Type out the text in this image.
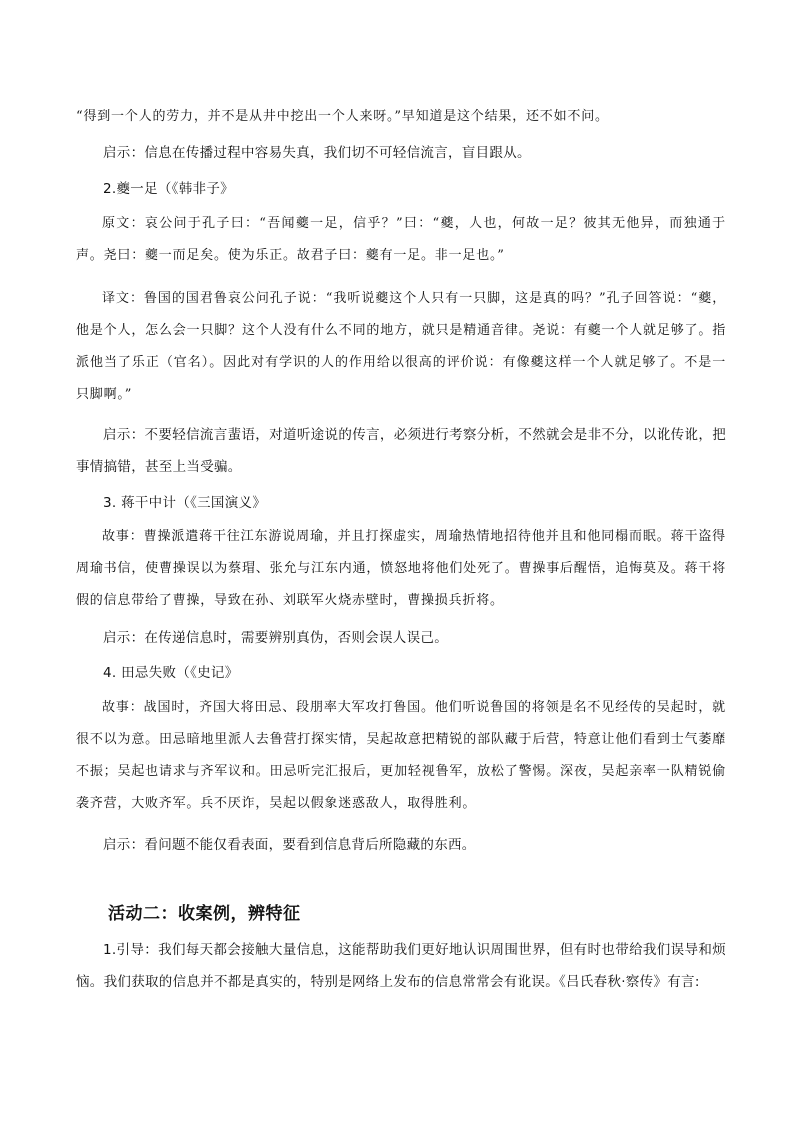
“得到一个人的劳力，并不是从井中挖出一个人来呀。”早知道是这个结果，还不如不问。

启示：信息在传播过程中容易失真，我们切不可轻信流言，盲目跟从。

2.夔一足（《韩非子》

原文：哀公问于孔子曰：“吾闻夔一足，信乎？”曰：“夔，人也，何故一足？彼其无他异，而独通于声。尧曰：夔一而足矣。使为乐正。故君子曰：夔有一足。非一足也。”

译文：鲁国的国君鲁哀公问孔子说：“我听说夔这个人只有一只脚，这是真的吗？”孔子回答说：“夔，他是个人，怎么会一只脚？这个人没有什么不同的地方，就只是精通音律。尧说：有夔一个人就足够了。指派他当了乐正（官名）。因此对有学识的人的作用给以很高的评价说：有像夔这样一个人就足够了。不是一只脚啊。”

启示：不要轻信流言蜚语，对道听途说的传言，必须进行考察分析，不然就会是非不分，以讹传讹，把事情搞错，甚至上当受骗。

3. 蒋干中计（《三国演义》

故事：曹操派遣蒋干往江东游说周瑜，并且打探虚实，周瑜热情地招待他并且和他同榻而眠。蒋干盗得周瑜书信，使曹操误以为蔡瑁、张允与江东内通，愤怒地将他们处死了。曹操事后醒悟，追悔莫及。蒋干将假的信息带给了曹操，导致在孙、刘联军火烧赤壁时，曹操损兵折将。

启示：在传递信息时，需要辨别真伪，否则会误人误己。

4. 田忌失败（《史记》

故事：战国时，齐国大将田忌、段朋率大军攻打鲁国。他们听说鲁国的将领是名不见经传的吴起时，就很不以为意。田忌暗地里派人去鲁营打探实情，吴起故意把精锐的部队藏于后营，特意让他们看到士气萎靡不振；吴起也请求与齐军议和。田忌听完汇报后，更加轻视鲁军，放松了警惕。深夜，吴起亲率一队精锐偷袭齐营，大败齐军。兵不厌诈，吴起以假象迷惑敌人，取得胜利。

启示：看问题不能仅看表面，要看到信息背后所隐藏的东西。

活动二：收案例，辨特征

1.引导：我们每天都会接触大量信息，这能帮助我们更好地认识周围世界，但有时也带给我们误导和烦恼。我们获取的信息并不都是真实的，特别是网络上发布的信息常常会有讹误。《吕氏春秋·察传》有言:
